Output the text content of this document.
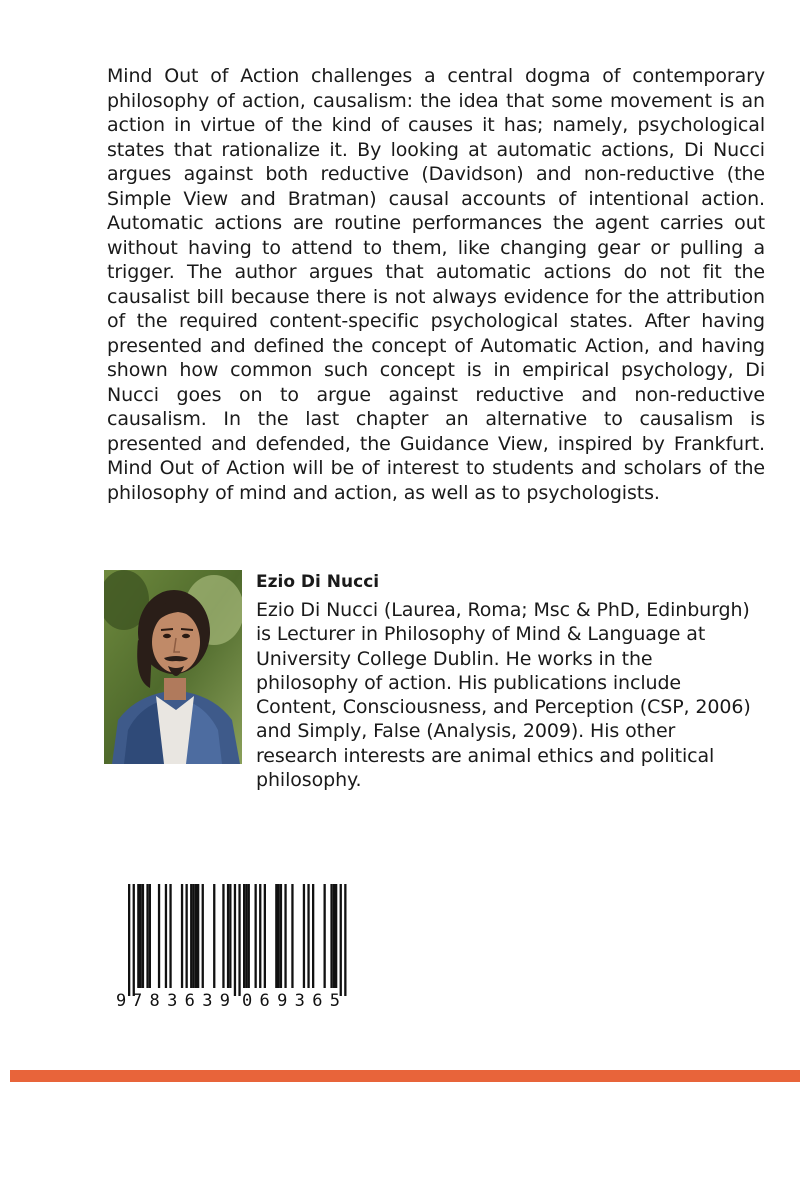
Mind Out of Action challenges a central dogma of contemporary philosophy of action, causalism: the idea that some movement is an action in virtue of the kind of causes it has; namely, psychological states that rationalize it. By looking at automatic actions, Di Nucci argues against both reductive (Davidson) and non-reductive (the Simple View and Bratman) causal accounts of intentional action. Automatic actions are routine performances the agent carries out without having to attend to them, like changing gear or pulling a trigger. The author argues that automatic actions do not fit the causalist bill because there is not always evidence for the attribution of the required content-specific psychological states. After having presented and defined the concept of Automatic Action, and having shown how common such concept is in empirical psychology, Di Nucci goes on to argue against reductive and non-reductive causalism. In the last chapter an alternative to causalism is presented and defended, the Guidance View, inspired by Frankfurt. Mind Out of Action will be of interest to students and scholars of the philosophy of mind and action, as well as to psychologists.
Ezio Di Nucci
Ezio Di Nucci (Laurea, Roma; Msc & PhD, Edinburgh) is Lecturer in Philosophy of Mind & Language at University College Dublin. He works in the philosophy of action. His publications include Content, Consciousness, and Perception (CSP, 2006) and Simply, False (Analysis, 2009). His other research interests are animal ethics and political philosophy.
9 783639 069365
